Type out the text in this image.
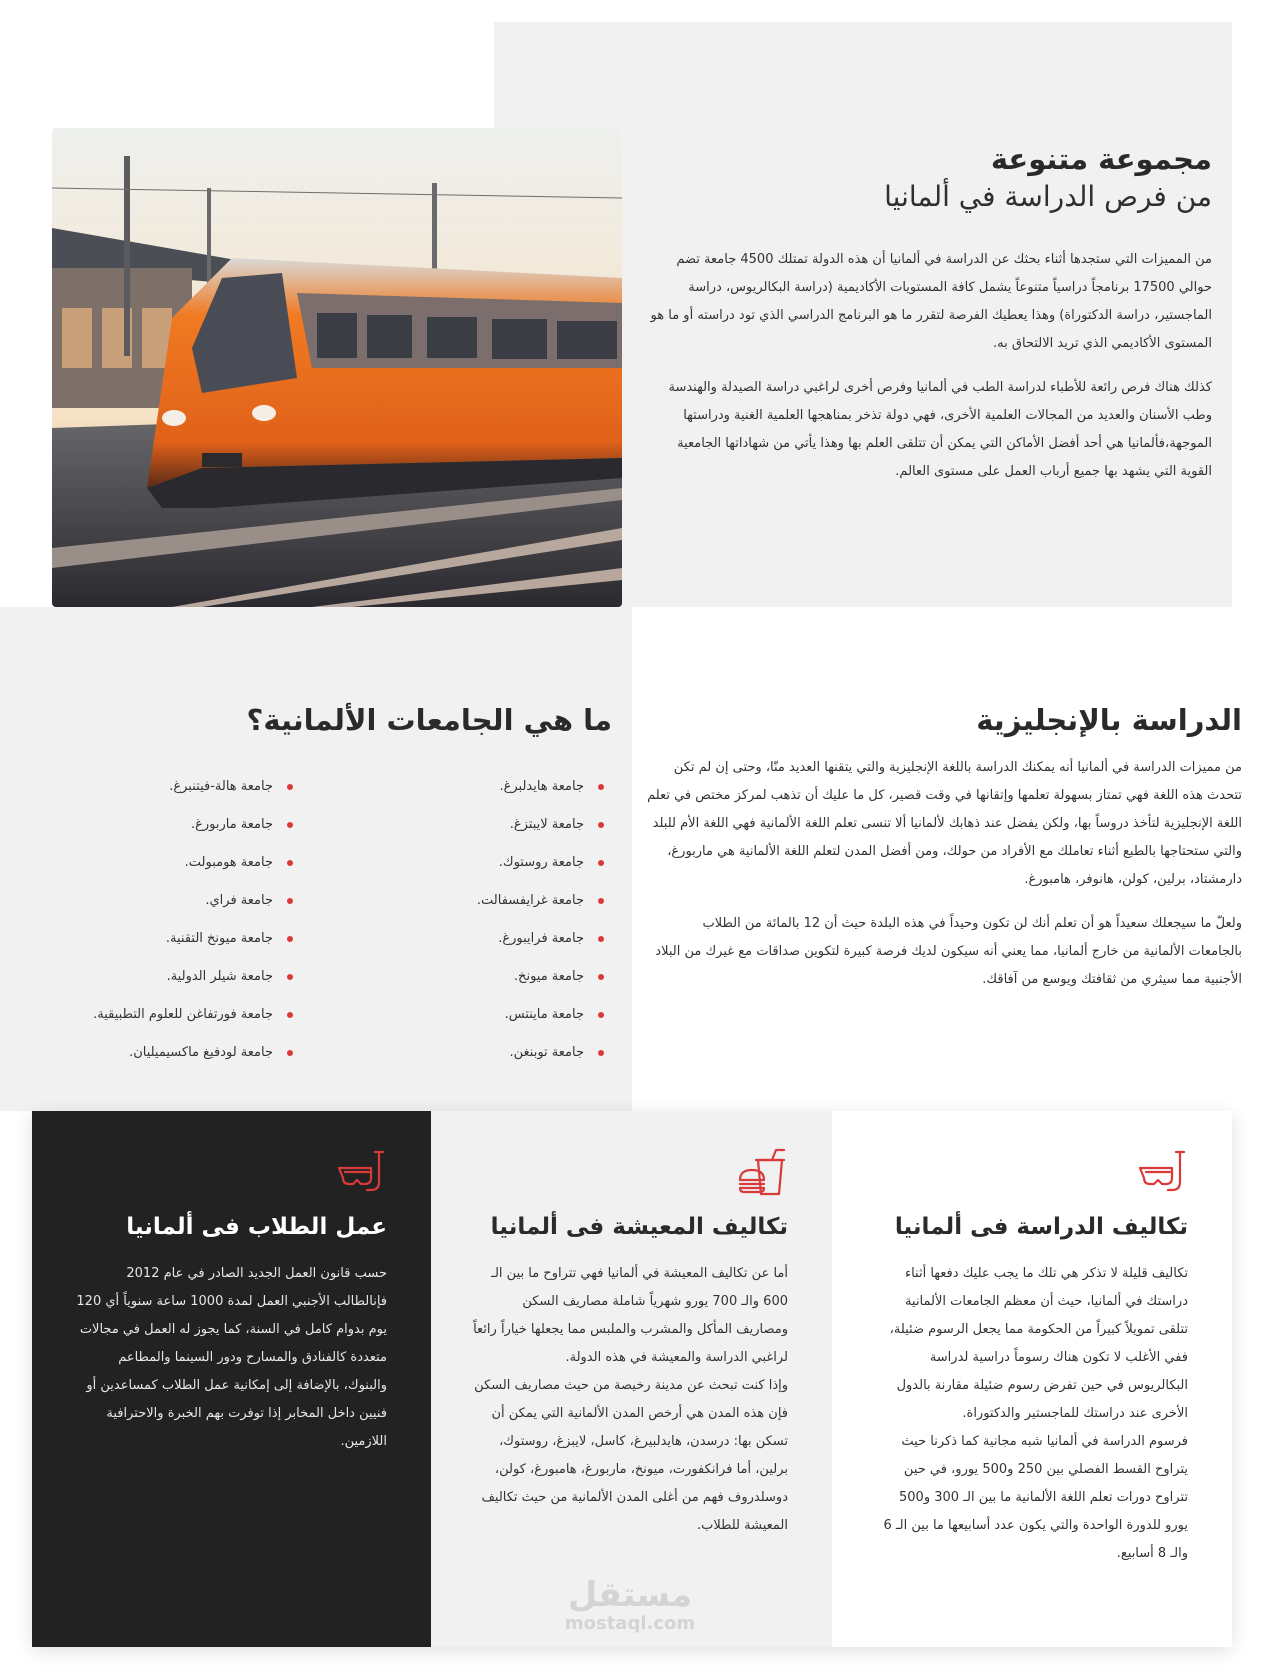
مجموعة متنوعة
من فرص الدراسة في ألمانيا

من المميزات التي ستجدها أثناء بحثك عن الدراسة في ألمانيا أن هذه الدولة تمتلك 4500 جامعة تضم حوالي 17500 برنامجاً دراسياً متنوعاً يشمل كافة المستويات الأكاديمية (دراسة البكالريوس، دراسة الماجستير، دراسة الدكتوراة) وهذا يعطيك الفرصة لتقرر ما هو البرنامج الدراسي الذي تود دراسته أو ما هو المستوى الأكاديمي الذي تريد الالتحاق به.

كذلك هناك فرص رائعة للأطباء لدراسة الطب في ألمانيا وفرص أخرى لراغبي دراسة الصيدلة والهندسة وطب الأسنان والعديد من المجالات العلمية الأخرى، فهي دولة تذخر بمناهجها العلمية الغنية ودراستها الموجهة،فألمانيا هي أحد أفضل الأماكن التي يمكن أن تتلقى العلم بها وهذا يأتي من شهاداتها الجامعية القوية التي يشهد بها جميع أرباب العمل على مستوى العالم.

الدراسة بالإنجليزية

من مميزات الدراسة في ألمانيا أنه يمكنك الدراسة باللغة الإنجليزية والتي يتقنها العديد منّا، وحتى إن لم تكن تتحدث هذه اللغة فهي تمتاز بسهولة تعلمها وإتقانها في وقت قصير، كل ما عليك أن تذهب لمركز مختص في تعلم اللغة الإنجليزية لتأخذ دروساً بها، ولكن يفضل عند ذهابك لألمانيا ألا تنسى تعلم اللغة الألمانية فهي اللغة الأم للبلد والتي ستحتاجها بالطبع أثناء تعاملك مع الأفراد من حولك، ومن أفضل المدن لتعلم اللغة الألمانية هي ماربورغ، دارمشتاد، برلين، كولن، هانوفر، هامبورغ.

ولعلّ ما سيجعلك سعيداً هو أن تعلم أنك لن تكون وحيداً في هذه البلدة حيث أن 12 بالمائة من الطلاب بالجامعات الألمانية من خارج ألمانيا، مما يعني أنه سيكون لديك فرصة كبيرة لتكوين صداقات مع غيرك من البلاد الأجنبية مما سيثري من ثقافتك ويوسع من آفاقك.

ما هي الجامعات الألمانية؟
جامعة هايدلبرغ.
جامعة لايبتزغ.
جامعة روستوك.
جامعة غرايفسفالت.
جامعة فرايبورغ.
جامعة ميونخ.
جامعة ماينتس.
جامعة توبنغن.
جامعة هالة-فيتنبرغ.
جامعة ماربورغ.
جامعة هومبولت.
جامعة فراي.
جامعة ميونخ التقنية.
جامعة شيلر الدولية.
جامعة فورتفاغن للعلوم التطبيقية.
جامعة لودفيغ ماكسيميليان.
تكاليف الدراسة فى ألمانيا

تكاليف قليلة لا تذكر هي تلك ما يجب عليك دفعها أثناء دراستك في ألمانيا، حيث أن معظم الجامعات الألمانية تتلقى تمويلاً كبيراً من الحكومة مما يجعل الرسوم ضئيلة، ففي الأغلب لا تكون هناك رسوماً دراسية لدراسة البكالريوس في حين تفرض رسوم ضئيلة مقارنة بالدول الأخرى عند دراستك للماجستير والدكتوراة.

فرسوم الدراسة في ألمانيا شبه مجانية كما ذكرنا حيث يتراوح القسط الفصلي بين 250 و500 يورو، في حين تتراوح دورات تعلم اللغة الألمانية ما بين الـ 300 و500 يورو للدورة الواحدة والتي يكون عدد أسابيعها ما بين الـ 6 والـ 8 أسابيع.

تكاليف المعيشة فى ألمانيا

أما عن تكاليف المعيشة في ألمانيا فهي تتراوح ما بين الـ 600 والـ 700 يورو شهرياً شاملة مصاريف السكن ومصاريف المأكل والمشرب والملبس مما يجعلها خياراً رائعاً لراغبي الدراسة والمعيشة في هذه الدولة.

وإذا كنت تبحث عن مدينة رخيصة من حيث مصاريف السكن فإن هذه المدن هي أرخص المدن الألمانية التي يمكن أن تسكن بها: درسدن، هايدلبيرغ، كاسل، لايبزغ، روستوك، برلين، أما فرانكفورت، ميونخ، ماربورغ، هامبورغ، كولن، دوسلدروف فهم من أغلى المدن الألمانية من حيث تكاليف المعيشة للطلاب.

عمل الطلاب فى ألمانيا

حسب قانون العمل الجديد الصادر في عام 2012 فإنالطالب الأجنبي العمل لمدة 1000 ساعة سنوياً أي 120 يوم بدوام كامل في السنة، كما يجوز له العمل في مجالات متعددة كالفنادق والمسارح ودور السينما والمطاعم والبنوك، بالإضافة إلى إمكانية عمل الطلاب كمساعدين أو فنيين داخل المخابر إذا توفرت بهم الخبرة والاحترافية اللازمين.

مستقل
mostaql.com
